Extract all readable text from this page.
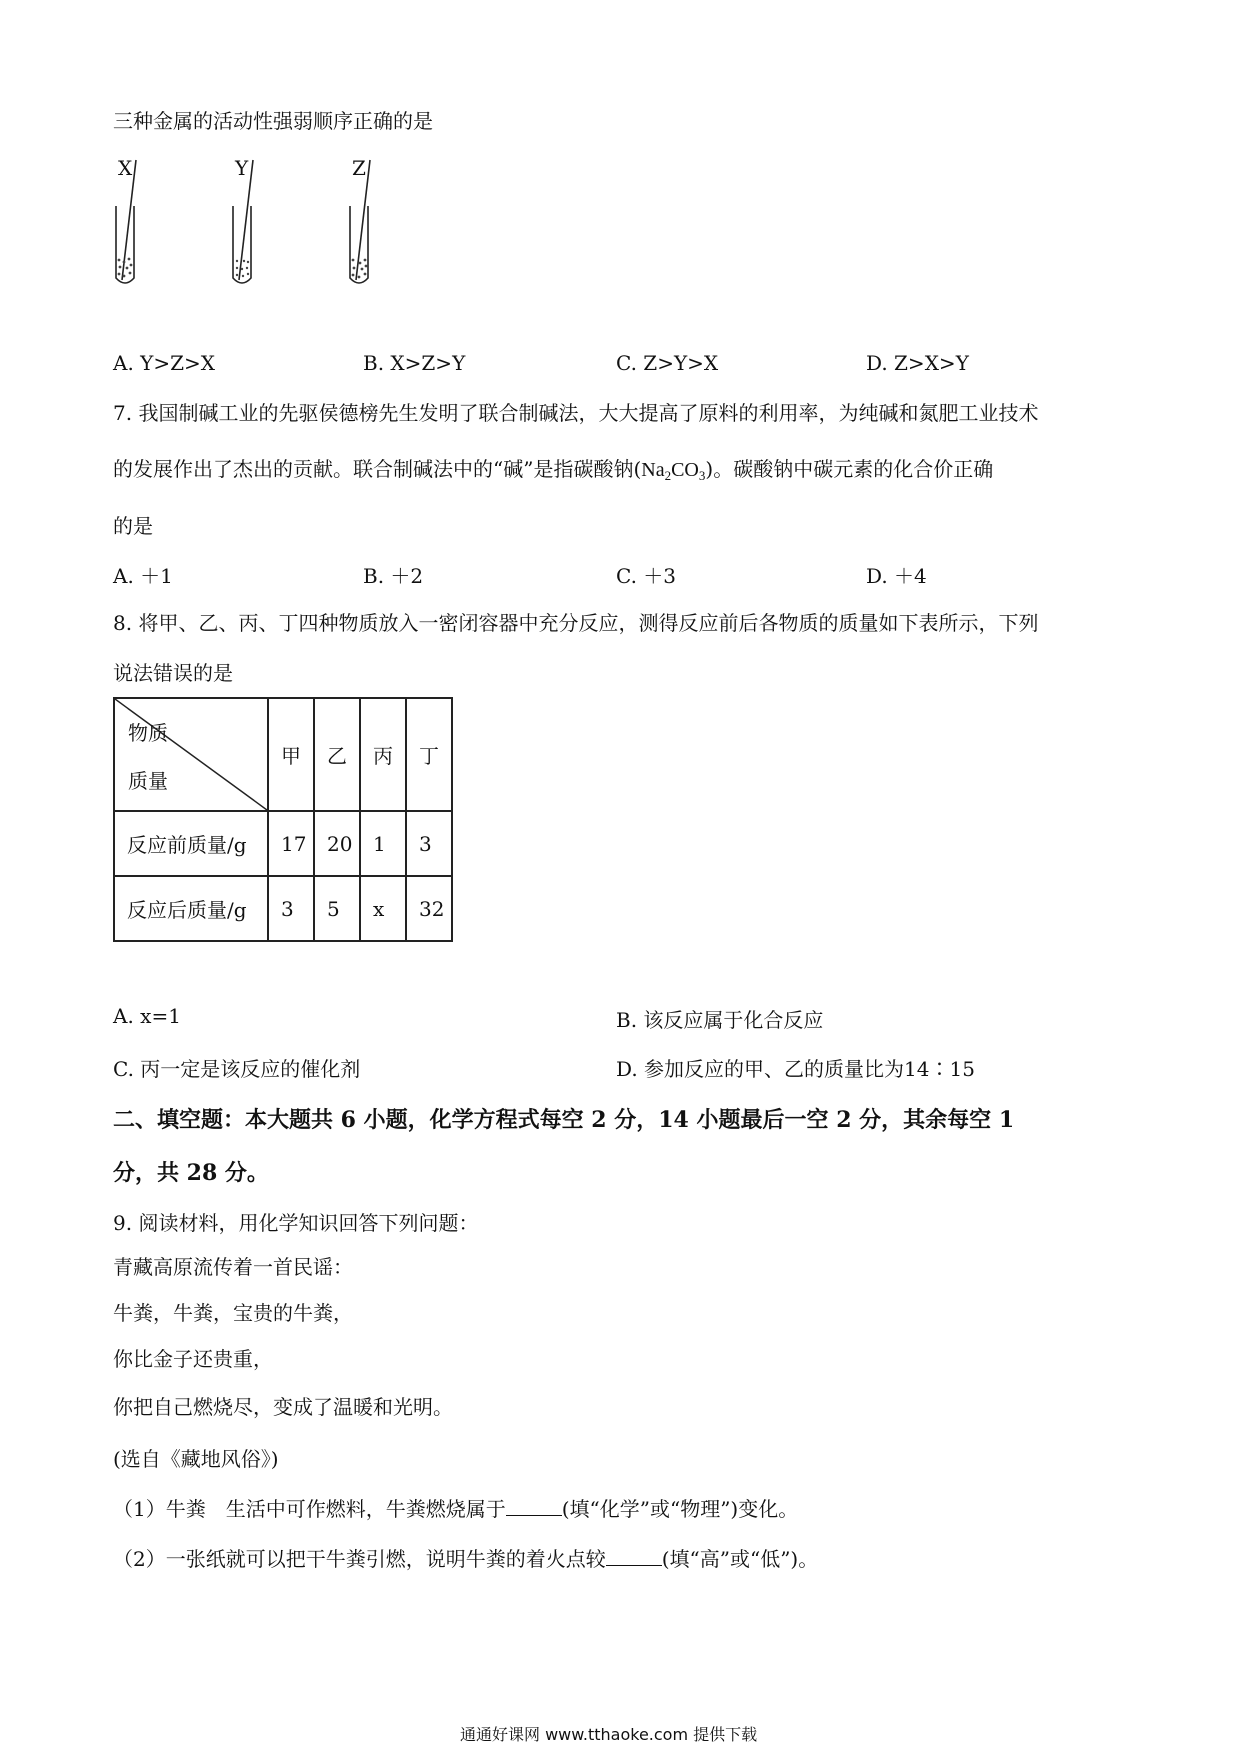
三种金属的活动性强弱顺序正确的是
X	Y	Z
A. Y>Z>X	B. X>Z>Y	C. Z>Y>X	D. Z>X>Y
7. 我国制碱工业的先驱侯德榜先生发明了联合制碱法，大大提高了原料的利用率，为纯碱和氮肥工业技术
的发展作出了杰出的贡献。联合制碱法中的“碱”是指碳酸钠$(Na_2CO_3)$。碳酸钠中碳元素的化合价正确
的是
A. ＋1	B. ＋2	C. ＋3	D. ＋4
8. 将甲、乙、丙、丁四种物质放入一密闭容器中充分反应，测得反应前后各物质的质量如下表所示，下列
说法错误的是
物质
质量	甲	乙	丙	丁
反应前质量/g	17	20	1	3
反应后质量/g	3	5	x	32
A. x=1	B. 该反应属于化合反应
C. 丙一定是该反应的催化剂	D. 参加反应的甲、乙的质量比为14∶15
二、填空题：本大题共 6 小题，化学方程式每空 2 分，14 小题最后一空 2 分，其余每空 1
分，共 28 分。
9. 阅读材料，用化学知识回答下列问题：
青藏高原流传着一首民谣：
牛粪，牛粪，宝贵的牛粪，
你比金子还贵重，
你把自己燃烧尽，变成了温暖和光明。
(选自《藏地风俗》)
（1）牛粪　生活中可作燃料，牛粪燃烧属于	(填“化学”或“物理”)变化。
（2）一张纸就可以把干牛粪引燃，说明牛粪的着火点较	(填“高”或“低”)。
通通好课网 www.tthaoke.com 提供下载
